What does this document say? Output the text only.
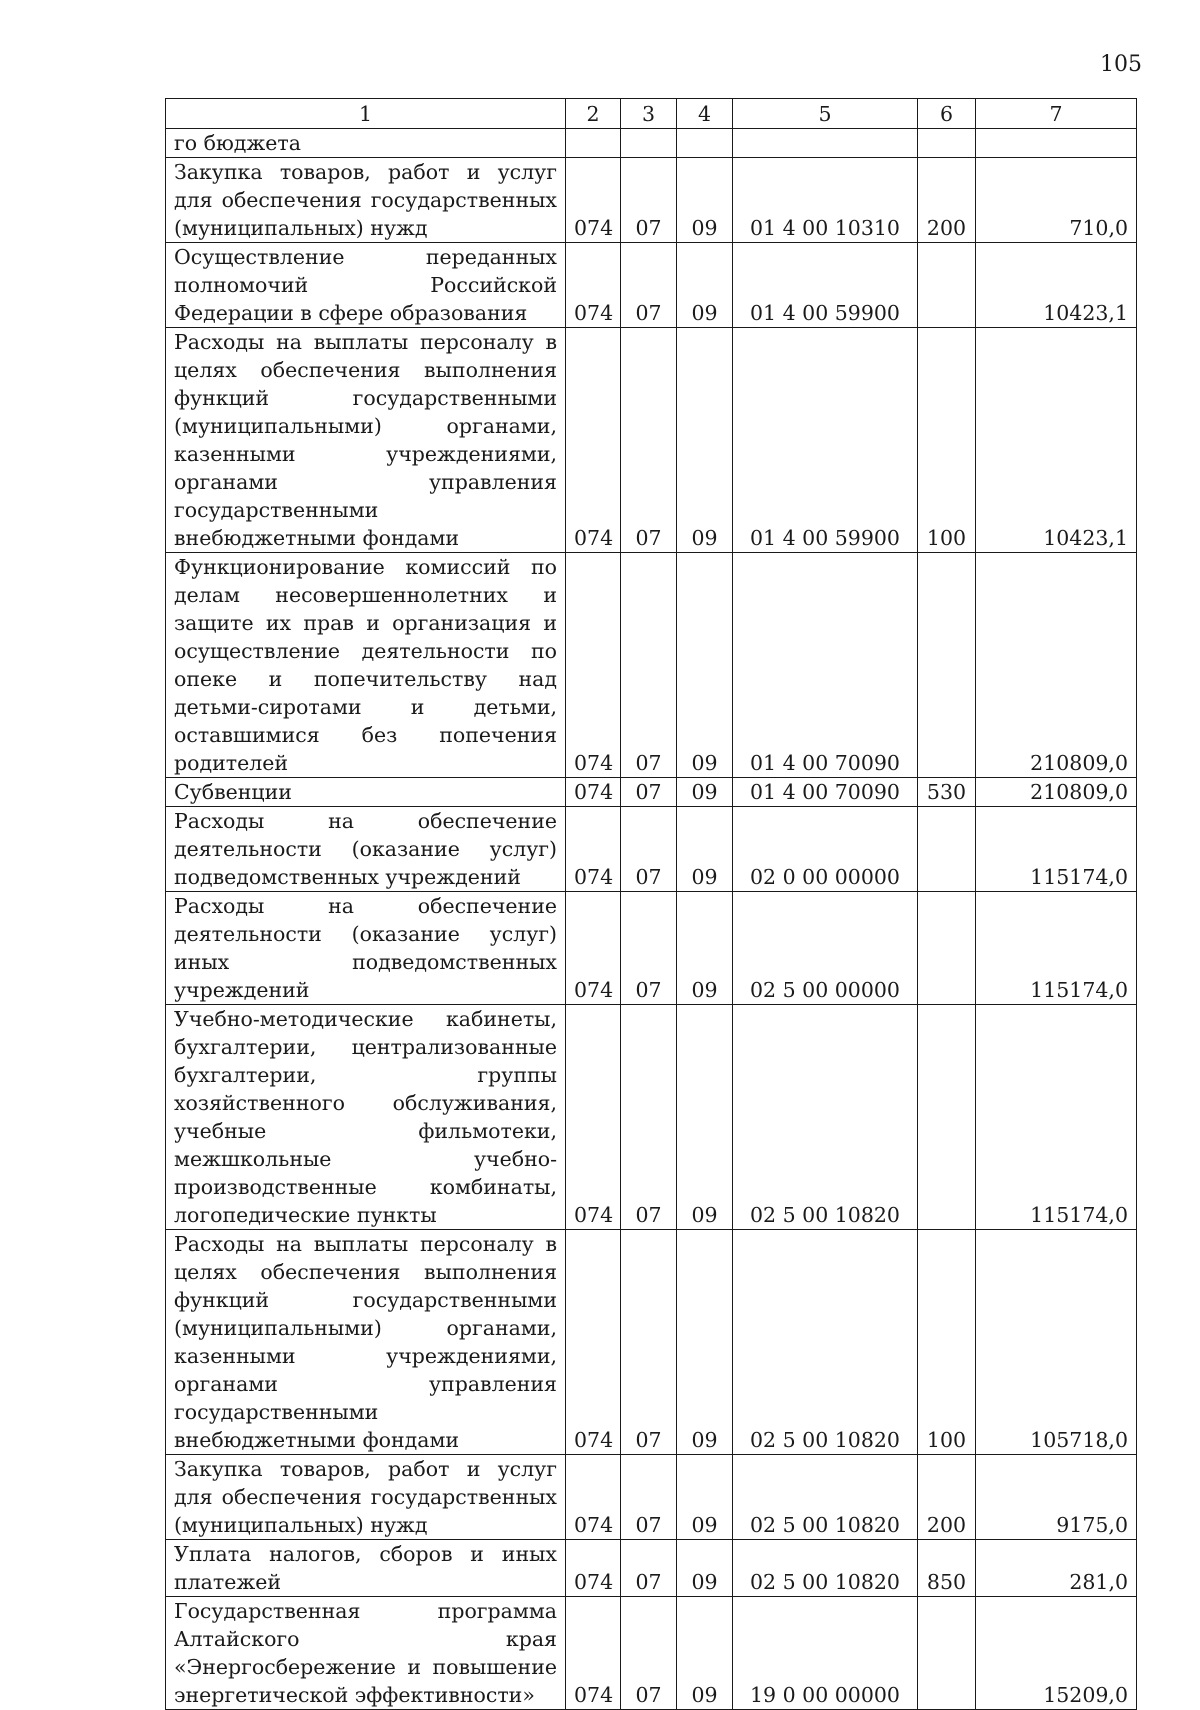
105
1	2	3	4	5	6	7
го бюджета						
Закупка товаров, работ и услуг для обеспечения государственных (муниципальных) нужд	074	07	09	01 4 00 10310	200	710,0
Осуществление переданных полномочий Российской Федерации в сфере образования	074	07	09	01 4 00 59900		10423,1
Расходы на выплаты персоналу в целях обеспечения выполнения функций государственными (муниципальными) органами, казенными учреждениями, органами управления государственными внебюджетными фондами	074	07	09	01 4 00 59900	100	10423,1
Функционирование комиссий по делам несовершеннолетних и защите их прав и организация и осуществление деятельности по опеке и попечительству над детьми-сиротами и детьми, оставшимися без попечения родителей	074	07	09	01 4 00 70090		210809,0
Субвенции	074	07	09	01 4 00 70090	530	210809,0
Расходы на обеспечение деятельности (оказание услуг) подведомственных учреждений	074	07	09	02 0 00 00000		115174,0
Расходы на обеспечение деятельности (оказание услуг) иных подведомственных учреждений	074	07	09	02 5 00 00000		115174,0
Учебно-методические кабинеты, бухгалтерии, централизованные бухгалтерии, группы хозяйственного обслуживания, учебные фильмотеки, межшкольные учебно-производственные комбинаты, логопедические пункты	074	07	09	02 5 00 10820		115174,0
Расходы на выплаты персоналу в целях обеспечения выполнения функций государственными (муниципальными) органами, казенными учреждениями, органами управления государственными внебюджетными фондами	074	07	09	02 5 00 10820	100	105718,0
Закупка товаров, работ и услуг для обеспечения государственных (муниципальных) нужд	074	07	09	02 5 00 10820	200	9175,0
Уплата налогов, сборов и иных платежей	074	07	09	02 5 00 10820	850	281,0
Государственная программа Алтайского края «Энергосбережение и повышение энергетической эффективности»	074	07	09	19 0 00 00000		15209,0
